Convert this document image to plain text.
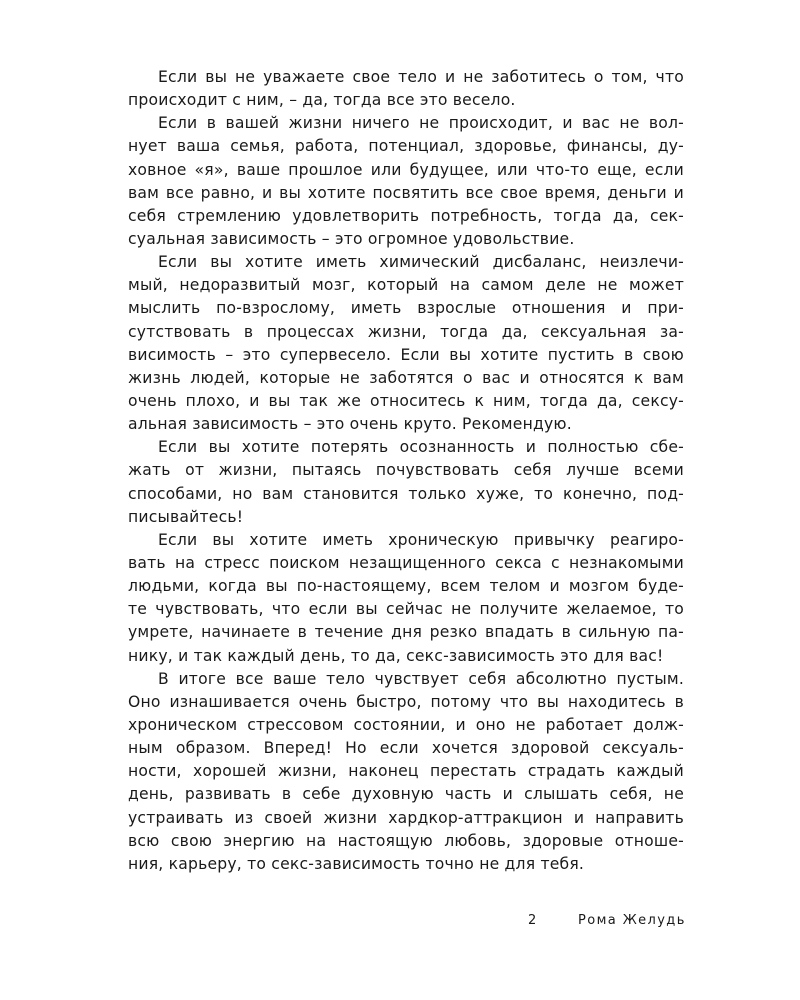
Если вы не уважаете свое тело и не заботитесь о том, что
происходит с ним, – да, тогда все это весело.
Если в вашей жизни ничего не происходит, и вас не вол-
нует ваша семья, работа, потенциал, здоровье, финансы, ду-
ховное «я», ваше прошлое или будущее, или что-то еще, если
вам все равно, и вы хотите посвятить все свое время, деньги и
себя стремлению удовлетворить потребность, тогда да, сек-
суальная зависимость – это огромное удовольствие.
Если вы хотите иметь химический дисбаланс, неизлечи-
мый, недоразвитый мозг, который на самом деле не может
мыслить по-взрослому, иметь взрослые отношения и при-
сутствовать в процессах жизни, тогда да, сексуальная за-
висимость – это супервесело. Если вы хотите пустить в свою
жизнь людей, которые не заботятся о вас и относятся к вам
очень плохо, и вы так же относитесь к ним, тогда да, сексу-
альная зависимость – это очень круто. Рекомендую.
Если вы хотите потерять осознанность и полностью сбе-
жать от жизни, пытаясь почувствовать себя лучше всеми
способами, но вам становится только хуже, то конечно, под-
писывайтесь!
Если вы хотите иметь хроническую привычку реагиро-
вать на стресс поиском незащищенного секса с незнакомыми
людьми, когда вы по-настоящему, всем телом и мозгом буде-
те чувствовать, что если вы сейчас не получите желаемое, то
умрете, начинаете в течение дня резко впадать в сильную па-
нику, и так каждый день, то да, секс-зависимость это для вас!
В итоге все ваше тело чувствует себя абсолютно пустым.
Оно изнашивается очень быстро, потому что вы находитесь в
хроническом стрессовом состоянии, и оно не работает долж-
ным образом. Вперед! Но если хочется здоровой сексуаль-
ности, хорошей жизни, наконец перестать страдать каждый
день, развивать в себе духовную часть и слышать себя, не
устраивать из своей жизни хардкор-аттракцион и направить
всю свою энергию на настоящую любовь, здоровые отноше-
ния, карьеру, то секс-зависимость точно не для тебя.
2	Рома Желудь
